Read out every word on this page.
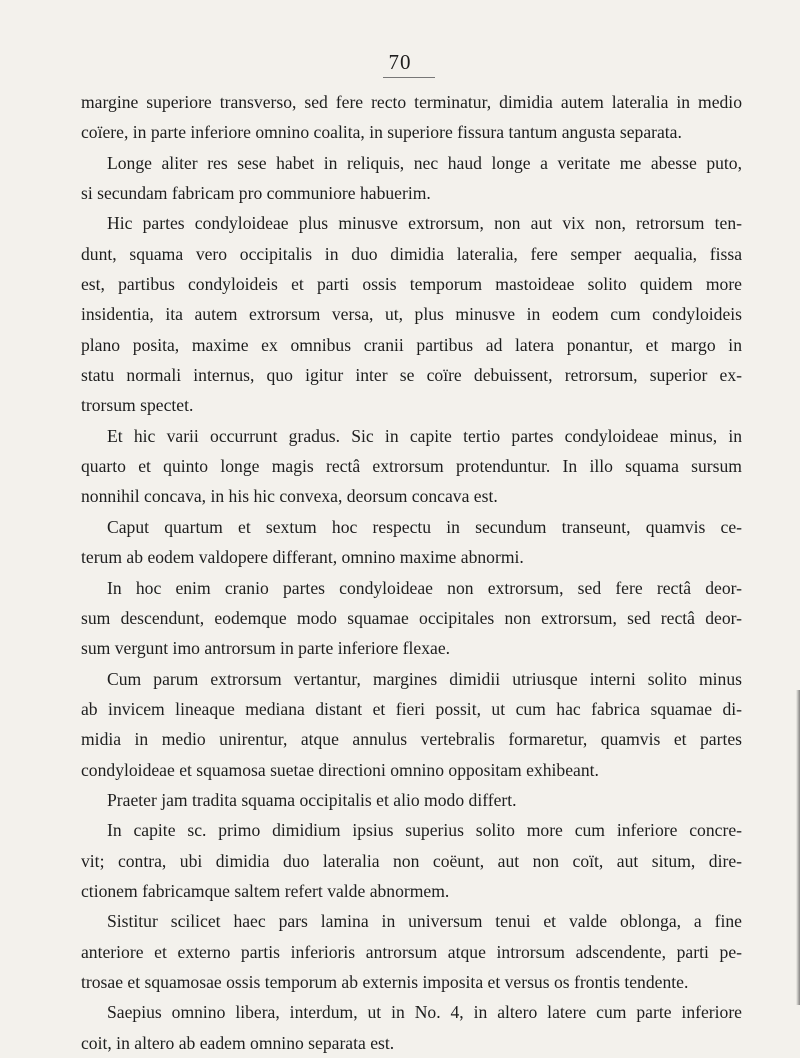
70
margine superiore transverso, sed fere recto terminatur, dimidia autem lateralia in medio
coïere, in parte inferiore omnino coalita, in superiore fissura tantum angusta separata.
Longe aliter res sese habet in reliquis, nec haud longe a veritate me abesse puto,
si secundam fabricam pro communiore habuerim.
Hic partes condyloideae plus minusve extrorsum, non aut vix non, retrorsum ten-
dunt, squama vero occipitalis in duo dimidia lateralia, fere semper aequalia, fissa
est, partibus condyloideis et parti ossis temporum mastoideae solito quidem more
insidentia, ita autem extrorsum versa, ut, plus minusve in eodem cum condyloideis
plano posita, maxime ex omnibus cranii partibus ad latera ponantur, et margo in
statu normali internus, quo igitur inter se coïre debuissent, retrorsum, superior ex-
trorsum spectet.
Et hic varii occurrunt gradus. Sic in capite tertio partes condyloideae minus, in
quarto et quinto longe magis rectâ extrorsum protenduntur. In illo squama sursum
nonnihil concava, in his hic convexa, deorsum concava est.
Caput quartum et sextum hoc respectu in secundum transeunt, quamvis ce-
terum ab eodem valdopere differant, omnino maxime abnormi.
In hoc enim cranio partes condyloideae non extrorsum, sed fere rectâ deor-
sum descendunt, eodemque modo squamae occipitales non extrorsum, sed rectâ deor-
sum vergunt imo antrorsum in parte inferiore flexae.
Cum parum extrorsum vertantur, margines dimidii utriusque interni solito minus
ab invicem lineaque mediana distant et fieri possit, ut cum hac fabrica squamae di-
midia in medio unirentur, atque annulus vertebralis formaretur, quamvis et partes
condyloideae et squamosa suetae directioni omnino oppositam exhibeant.
Praeter jam tradita squama occipitalis et alio modo differt.
In capite sc. primo dimidium ipsius superius solito more cum inferiore concre-
vit; contra, ubi dimidia duo lateralia non coëunt, aut non coït, aut situm, dire-
ctionem fabricamque saltem refert valde abnormem.
Sistitur scilicet haec pars lamina in universum tenui et valde oblonga, a fine
anteriore et externo partis inferioris antrorsum atque introrsum adscendente, parti pe-
trosae et squamosae ossis temporum ab externis imposita et versus os frontis tendente.
Saepius omnino libera, interdum, ut in No. 4, in altero latere cum parte inferiore
coit, in altero ab eadem omnino separata est.
